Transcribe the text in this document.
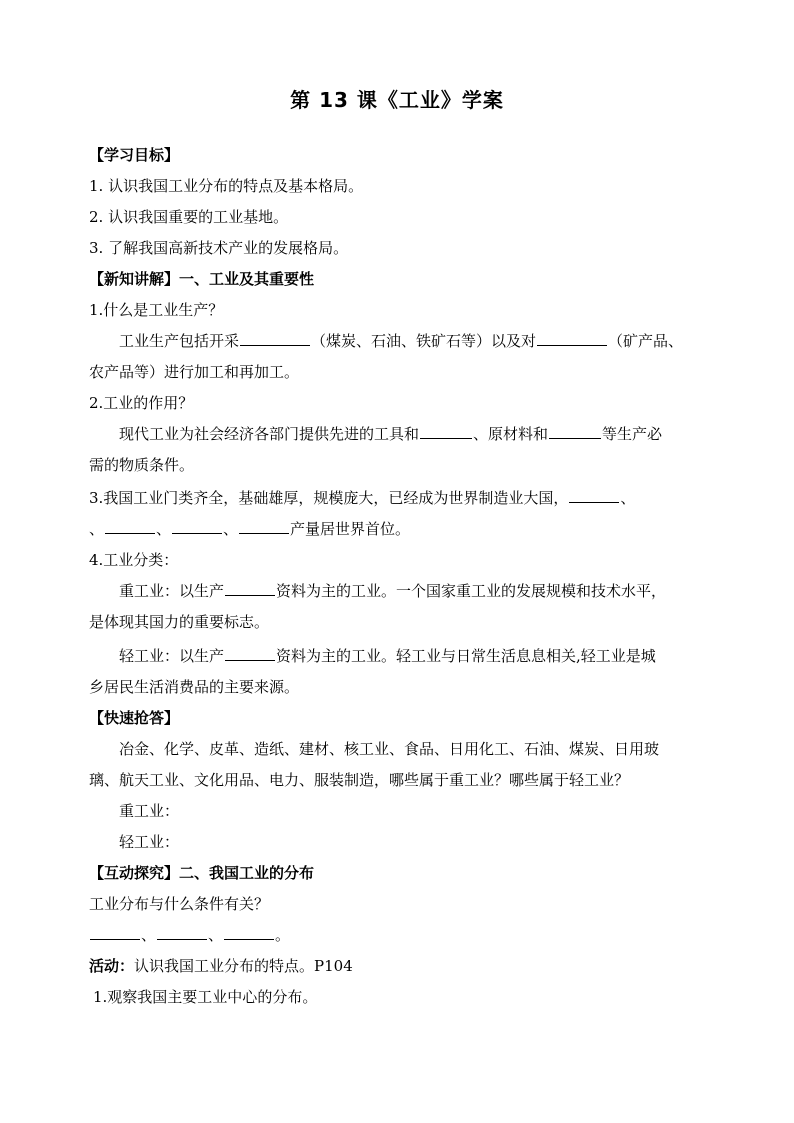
第 13 课《工业》学案
【学习目标】
1. 认识我国工业分布的特点及基本格局。
2. 认识我国重要的工业基地。
3. 了解我国高新技术产业的发展格局。
【新知讲解】一、工业及其重要性
1.什么是工业生产？
工业生产包括开采	（煤炭、石油、铁矿石等）以及对	（矿产品、
农产品等）进行加工和再加工。
2.工业的作用？
现代工业为社会经济各部门提供先进的工具和	、原材料和	等生产必
需的物质条件。
3.我国工业门类齐全，基础雄厚，规模庞大，已经成为世界制造业大国，	、
、	、	、	产量居世界首位。
4.工业分类：
重工业：以生产	资料为主的工业。一个国家重工业的发展规模和技术水平，
是体现其国力的重要标志。
轻工业：以生产	资料为主的工业。轻工业与日常生活息息相关,轻工业是城
乡居民生活消费品的主要来源。
【快速抢答】
冶金、化学、皮革、造纸、建材、核工业、食品、日用化工、石油、煤炭、日用玻
璃、航天工业、文化用品、电力、服装制造，哪些属于重工业？哪些属于轻工业？
重工业：
轻工业：
【互动探究】二、我国工业的分布
工业分布与什么条件有关？
、	、	。
活动：认识我国工业分布的特点。P104
1.观察我国主要工业中心的分布。
